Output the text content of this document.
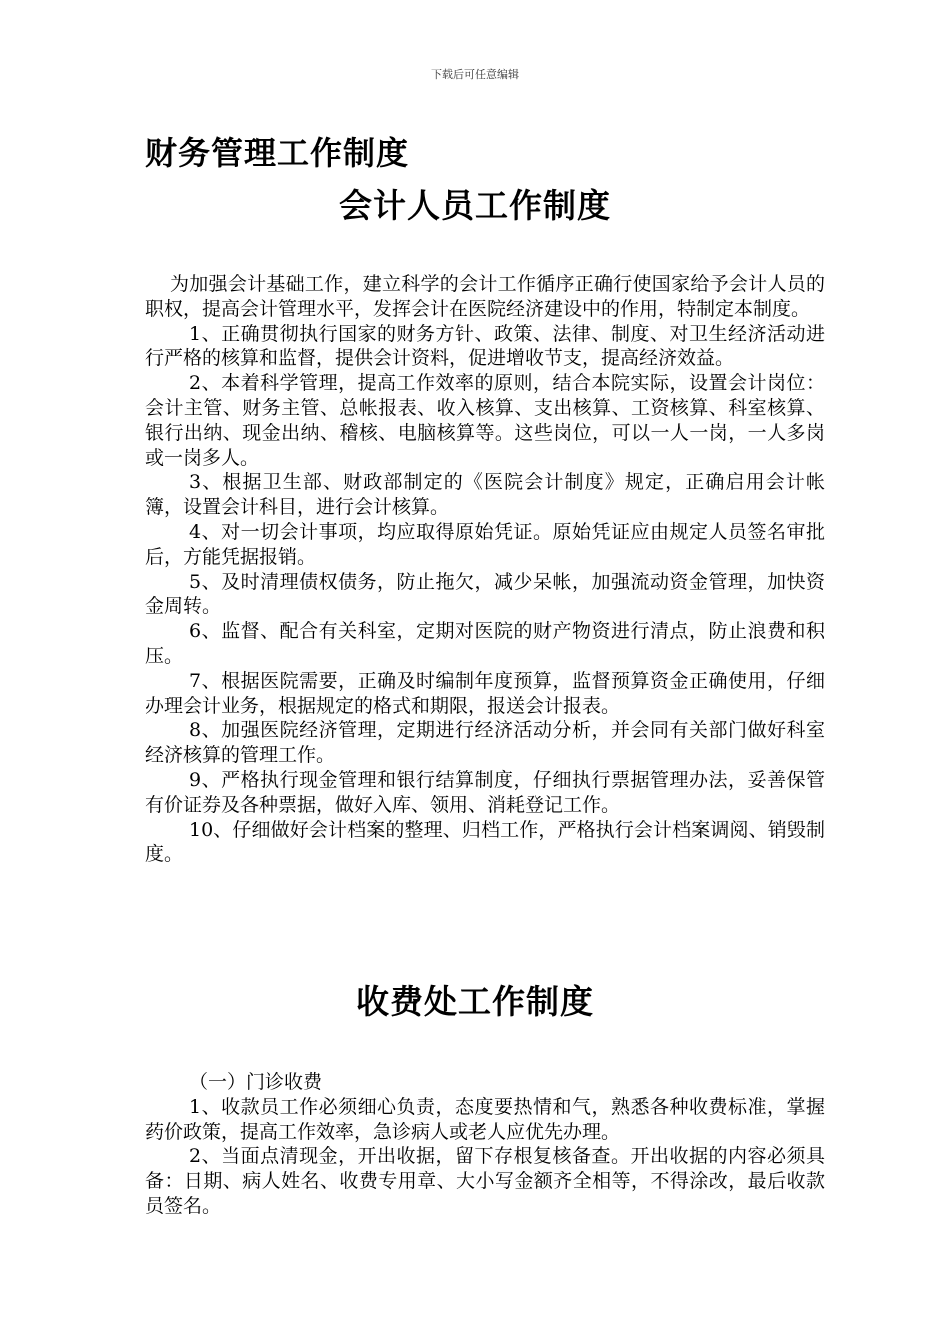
下载后可任意编辑
财务管理工作制度
会计人员工作制度

为加强会计基础工作，建立科学的会计工作循序正确行使国家给予会计人员的职权，提高会计管理水平，发挥会计在医院经济建设中的作用，特制定本制度。

1、正确贯彻执行国家的财务方针、政策、法律、制度、对卫生经济活动进行严格的核算和监督，提供会计资料，促进增收节支，提高经济效益。

2、本着科学管理，提高工作效率的原则，结合本院实际，设置会计岗位：会计主管、财务主管、总帐报表、收入核算、支出核算、工资核算、科室核算、银行出纳、现金出纳、稽核、电脑核算等。这些岗位，可以一人一岗，一人多岗或一岗多人。

3、根据卫生部、财政部制定的《医院会计制度》规定，正确启用会计帐簿，设置会计科目，进行会计核算。

4、对一切会计事项，均应取得原始凭证。原始凭证应由规定人员签名审批后，方能凭据报销。

5、及时清理债权债务，防止拖欠，减少呆帐，加强流动资金管理，加快资金周转。

6、监督、配合有关科室，定期对医院的财产物资进行清点，防止浪费和积压。

7、根据医院需要，正确及时编制年度预算，监督预算资金正确使用，仔细办理会计业务，根据规定的格式和期限，报送会计报表。

8、加强医院经济管理，定期进行经济活动分析，并会同有关部门做好科室经济核算的管理工作。

9、严格执行现金管理和银行结算制度，仔细执行票据管理办法，妥善保管有价证券及各种票据，做好入库、领用、消耗登记工作。

10、仔细做好会计档案的整理、归档工作，严格执行会计档案调阅、销毁制度。

收费处工作制度

（一）门诊收费

1、收款员工作必须细心负责，态度要热情和气，熟悉各种收费标准，掌握药价政策，提高工作效率，急诊病人或老人应优先办理。

2、当面点清现金，开出收据，留下存根复核备查。开出收据的内容必须具备：日期、病人姓名、收费专用章、大小写金额齐全相等，不得涂改，最后收款员签名。
